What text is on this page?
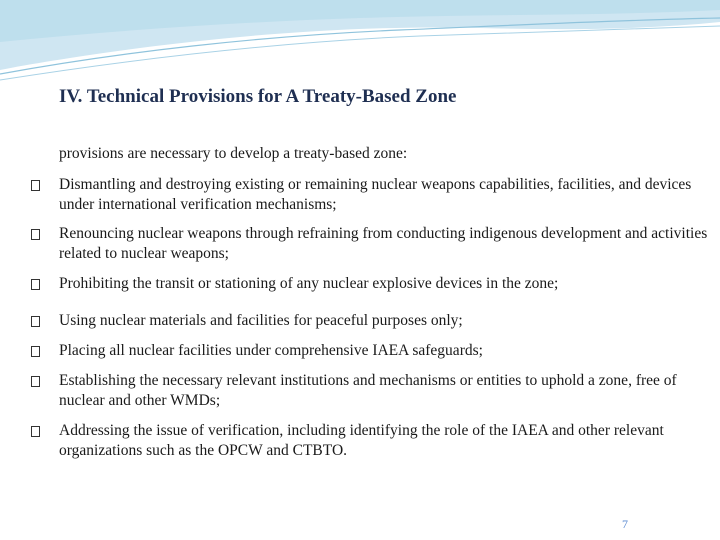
IV. Technical Provisions for A Treaty-Based Zone
provisions are necessary to develop a treaty-based zone:
Dismantling and destroying existing or remaining nuclear weapons capabilities, facilities, and devices under international verification mechanisms;
Renouncing nuclear weapons through refraining from conducting indigenous development and activities related to nuclear weapons;
Prohibiting the transit or stationing of any nuclear explosive devices in the zone;
Using nuclear materials and facilities for peaceful purposes only;
Placing all nuclear facilities under comprehensive IAEA safeguards;
Establishing the necessary relevant institutions and mechanisms or entities to uphold a zone, free of nuclear and other WMDs;
Addressing the issue of verification, including identifying the role of the IAEA and other relevant organizations such as the OPCW and CTBTO.
7
